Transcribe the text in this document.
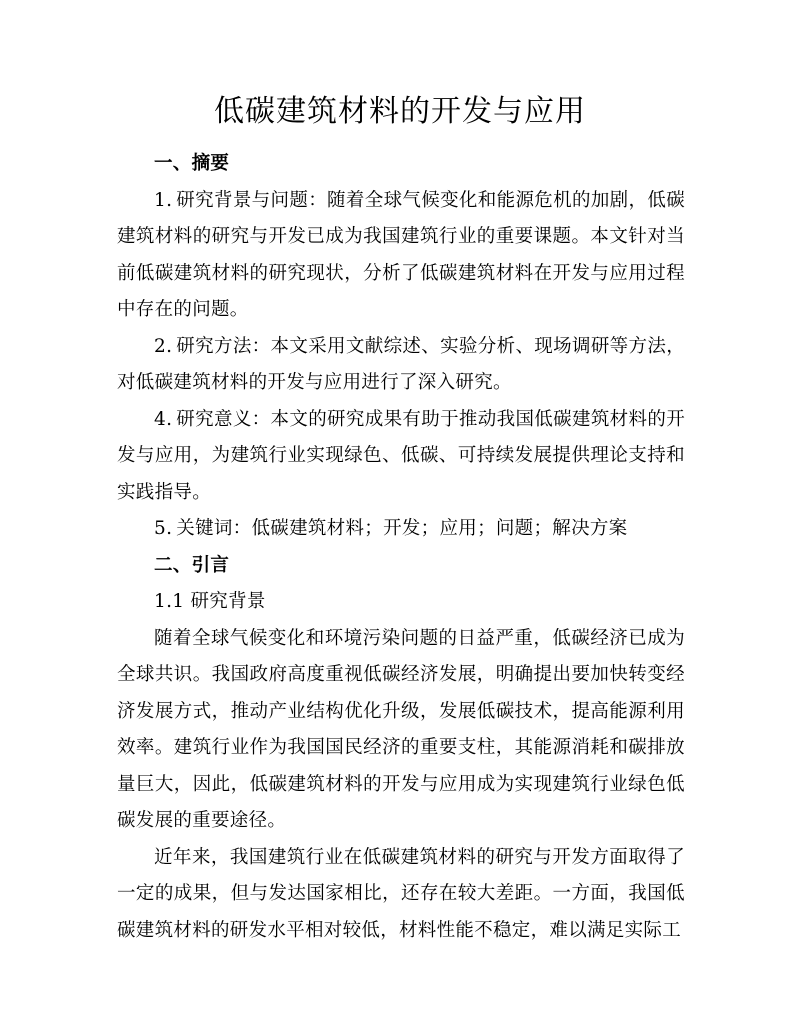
低碳建筑材料的开发与应用

一、摘要

1. 研究背景与问题：随着全球气候变化和能源危机的加剧，低碳建筑材料的研究与开发已成为我国建筑行业的重要课题。本文针对当前低碳建筑材料的研究现状，分析了低碳建筑材料在开发与应用过程中存在的问题。

2. 研究方法：本文采用文献综述、实验分析、现场调研等方法，对低碳建筑材料的开发与应用进行了深入研究。

4. 研究意义：本文的研究成果有助于推动我国低碳建筑材料的开发与应用，为建筑行业实现绿色、低碳、可持续发展提供理论支持和实践指导。

5. 关键词：低碳建筑材料；开发；应用；问题；解决方案

二、引言

1.1 研究背景

随着全球气候变化和环境污染问题的日益严重，低碳经济已成为全球共识。我国政府高度重视低碳经济发展，明确提出要加快转变经济发展方式，推动产业结构优化升级，发展低碳技术，提高能源利用效率。建筑行业作为我国国民经济的重要支柱，其能源消耗和碳排放量巨大，因此，低碳建筑材料的开发与应用成为实现建筑行业绿色低碳发展的重要途径。

近年来，我国建筑行业在低碳建筑材料的研究与开发方面取得了一定的成果，但与发达国家相比，还存在较大差距。一方面，我国低碳建筑材料的研发水平相对较低，材料性能不稳定，难以满足实际工
